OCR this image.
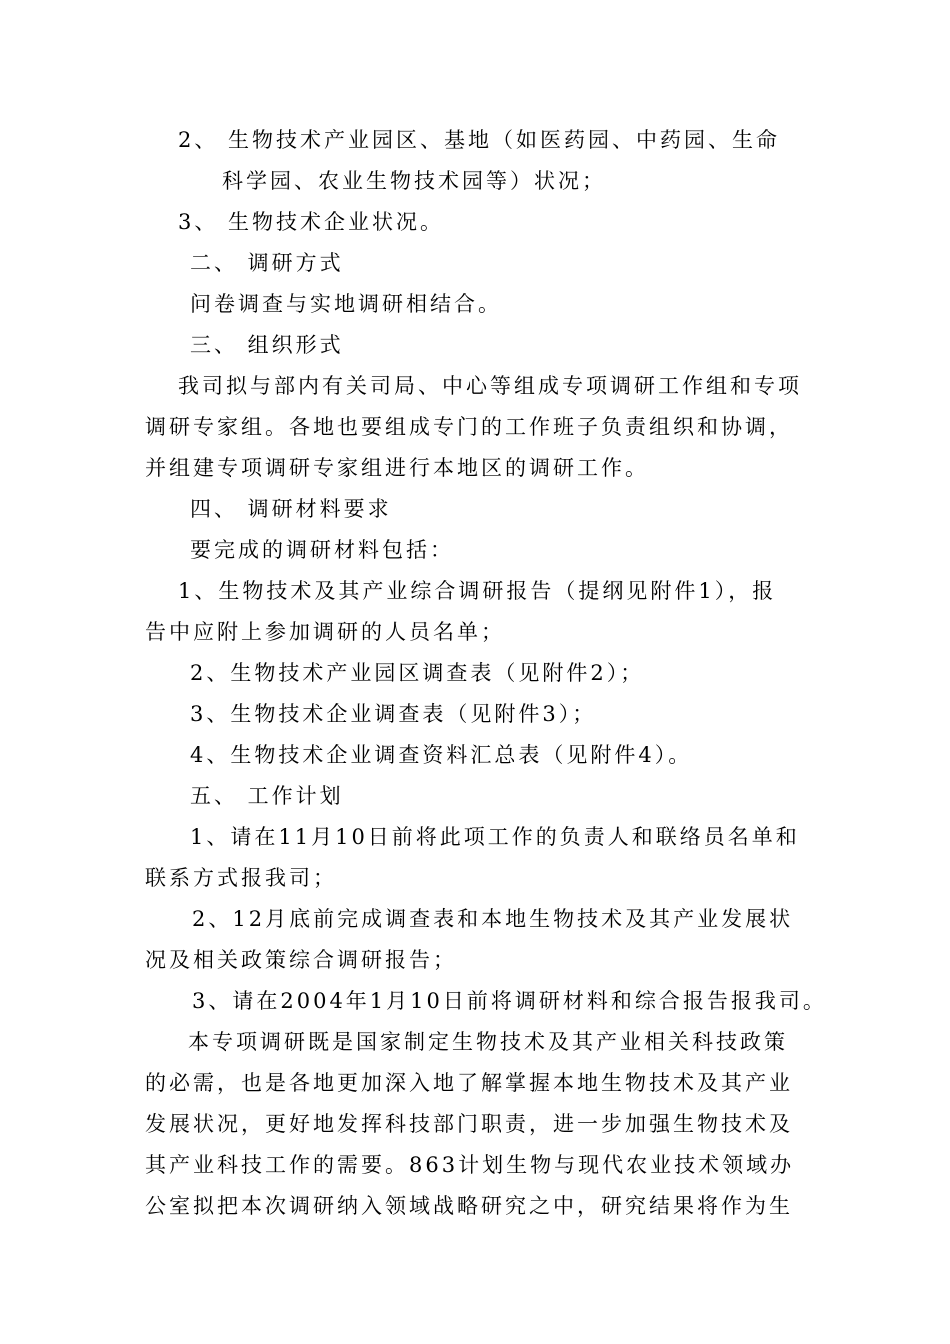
2、 生物技术产业园区、基地（如医药园、中药园、生命
科学园、农业生物技术园等）状况；
3、 生物技术企业状况。
二、 调研方式
问卷调查与实地调研相结合。
三、 组织形式
我司拟与部内有关司局、中心等组成专项调研工作组和专项
调研专家组。各地也要组成专门的工作班子负责组织和协调，
并组建专项调研专家组进行本地区的调研工作。
四、 调研材料要求
要完成的调研材料包括：
1、生物技术及其产业综合调研报告（提纲见附件1），报
告中应附上参加调研的人员名单；
2、生物技术产业园区调查表（见附件2）；
3、生物技术企业调查表（见附件3）；
4、生物技术企业调查资料汇总表（见附件4）。
五、 工作计划
1、请在11月10日前将此项工作的负责人和联络员名单和
联系方式报我司；
2、12月底前完成调查表和本地生物技术及其产业发展状
况及相关政策综合调研报告；
3、请在2004年1月10日前将调研材料和综合报告报我司。
本专项调研既是国家制定生物技术及其产业相关科技政策
的必需，也是各地更加深入地了解掌握本地生物技术及其产业
发展状况，更好地发挥科技部门职责，进一步加强生物技术及
其产业科技工作的需要。863计划生物与现代农业技术领域办
公室拟把本次调研纳入领域战略研究之中，研究结果将作为生
